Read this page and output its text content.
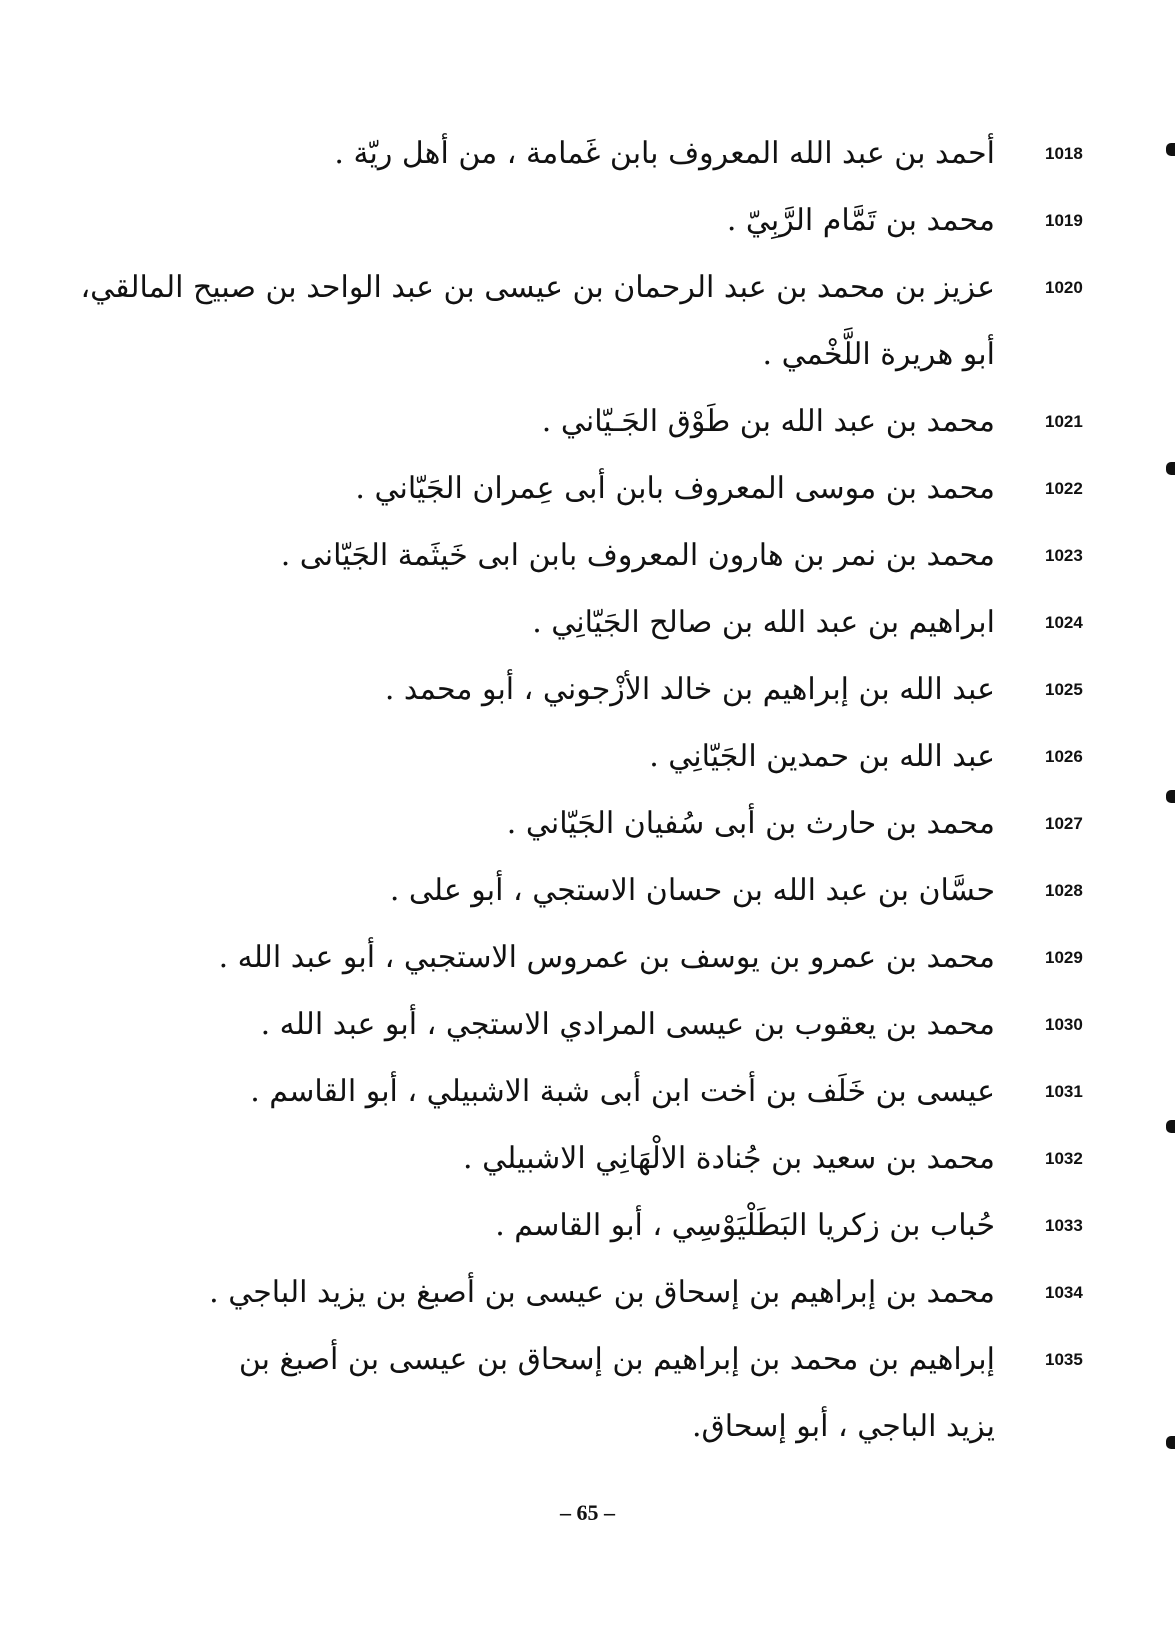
1018
أحمد بن عبد الله المعروف بابن غَمامة ، من أهل ريّة .
1019
محمد بن تَمَّام الرَّبِيّ .
1020
عزيز بن محمد بن عبد الرحمان بن عيسى بن عبد الواحد بن صبيح المالقي،
أبو هريرة اللَّخْمي .
1021
محمد بن عبد الله بن طَوْق الجَـيّاني .
1022
محمد بن موسى المعروف بابن أبى عِمران الجَيّاني .
1023
محمد بن نمر بن هارون المعروف بابن ابى خَيثَمة الجَيّانى .
1024
ابراهيم بن عبد الله بن صالح الجَيّانِي .
1025
عبد الله بن إبراهيم بن خالد الأزْجوني ، أبو محمد .
1026
عبد الله بن حمدين الجَيّانِي .
1027
محمد بن حارث بن أبى سُفيان الجَيّاني .
1028
حسَّان بن عبد الله بن حسان الاستجي ، أبو على .
1029
محمد بن عمرو بن يوسف بن عمروس الاستجبي ، أبو عبد الله .
1030
محمد بن يعقوب بن عيسى المرادي الاستجي ، أبو عبد الله .
1031
عيسى بن خَلَف بن أخت ابن أبى شبة الاشبيلي ، أبو القاسم .
1032
محمد بن سعيد بن جُنادة الالْهَانِي الاشبيلي .
1033
حُباب بن زكريا البَطَلْيَوْسِي ، أبو القاسم .
1034
محمد بن إبراهيم بن إسحاق بن عيسى بن أصبغ بن يزيد الباجي .
1035
إبراهيم بن محمد بن إبراهيم بن إسحاق بن عيسى بن أصبغ بن
يزيد الباجي ، أبو إسحاق.
– 65 –
